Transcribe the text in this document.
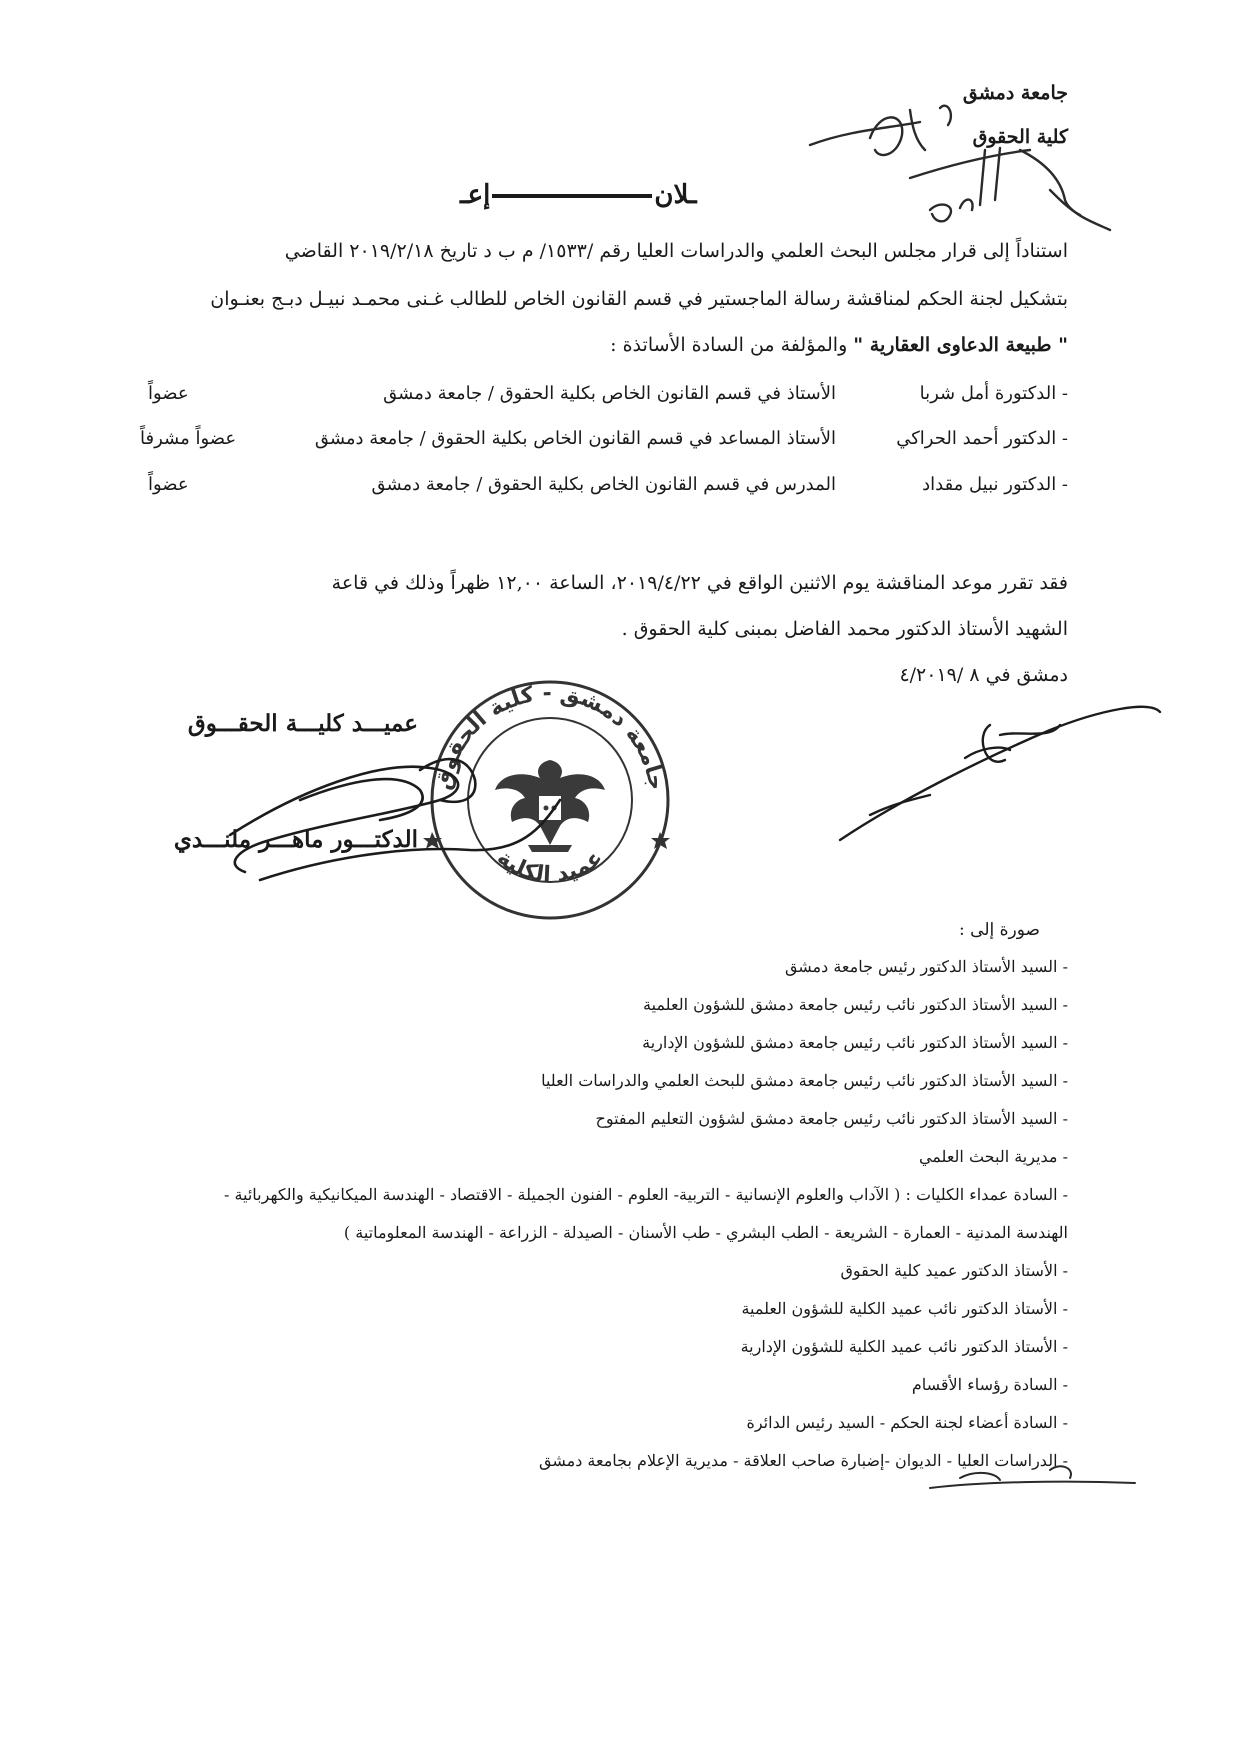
جامعة دمشق
كلية الحقوق
ـلانإعـ
استناداً إلى قرار مجلس البحث العلمي والدراسات العليا رقم /١٥٣٣/ م ب د تاريخ ٢٠١٩/٢/١٨ القاضي
بتشكيل لجنة الحكم لمناقشة رسالة الماجستير في قسم القانون الخاص للطالب غـنى محمـد نبيـل دبـج بعنـوان
" طبيعة الدعاوى العقارية " والمؤلفة من السادة الأساتذة :
- الدكتورة أمل شربا
الأستاذ في قسم القانون الخاص بكلية الحقوق / جامعة دمشق
عضواً
- الدكتور أحمد الحراكي
الأستاذ المساعد في قسم القانون الخاص بكلية الحقوق / جامعة دمشق
عضواً مشرفاً
- الدكتور نبيل مقداد
المدرس في قسم القانون الخاص بكلية الحقوق / جامعة دمشق
عضواً
فقد تقرر موعد المناقشة يوم الاثنين الواقع في ٢٠١٩/٤/٢٢، الساعة ١٢,٠٠ ظهراً وذلك في قاعة
الشهيد الأستاذ الدكتور محمد الفاضل بمبنى كلية الحقوق .
دمشق في ٨ /٤/٢٠١٩
عميـــد كليـــة الحقـــوق
الدكتـــور ماهـــر ملنـــدي
جامعة دمشق - كلية الحقوق
عميد الكلية
صورة إلى :
- السيد الأستاذ الدكتور رئيس جامعة دمشق
- السيد الأستاذ الدكتور نائب رئيس جامعة دمشق للشؤون العلمية
- السيد الأستاذ الدكتور نائب رئيس جامعة دمشق للشؤون الإدارية
- السيد الأستاذ الدكتور نائب رئيس جامعة دمشق للبحث العلمي والدراسات العليا
- السيد الأستاذ الدكتور نائب رئيس جامعة دمشق لشؤون التعليم المفتوح
- مديرية البحث العلمي
- السادة عمداء الكليات : ( الآداب والعلوم الإنسانية - التربية- العلوم - الفنون الجميلة - الاقتصاد - الهندسة الميكانيكية والكهربائية -
الهندسة المدنية - العمارة - الشريعة - الطب البشري - طب الأسنان - الصيدلة - الزراعة - الهندسة المعلوماتية )
- الأستاذ الدكتور عميد كلية الحقوق
- الأستاذ الدكتور نائب عميد الكلية للشؤون العلمية
- الأستاذ الدكتور نائب عميد الكلية للشؤون الإدارية
- السادة رؤساء الأقسام
- السادة أعضاء لجنة الحكم - السيد رئيس الدائرة
- الدراسات العليا - الديوان -إضبارة صاحب العلاقة - مديرية الإعلام بجامعة دمشق
